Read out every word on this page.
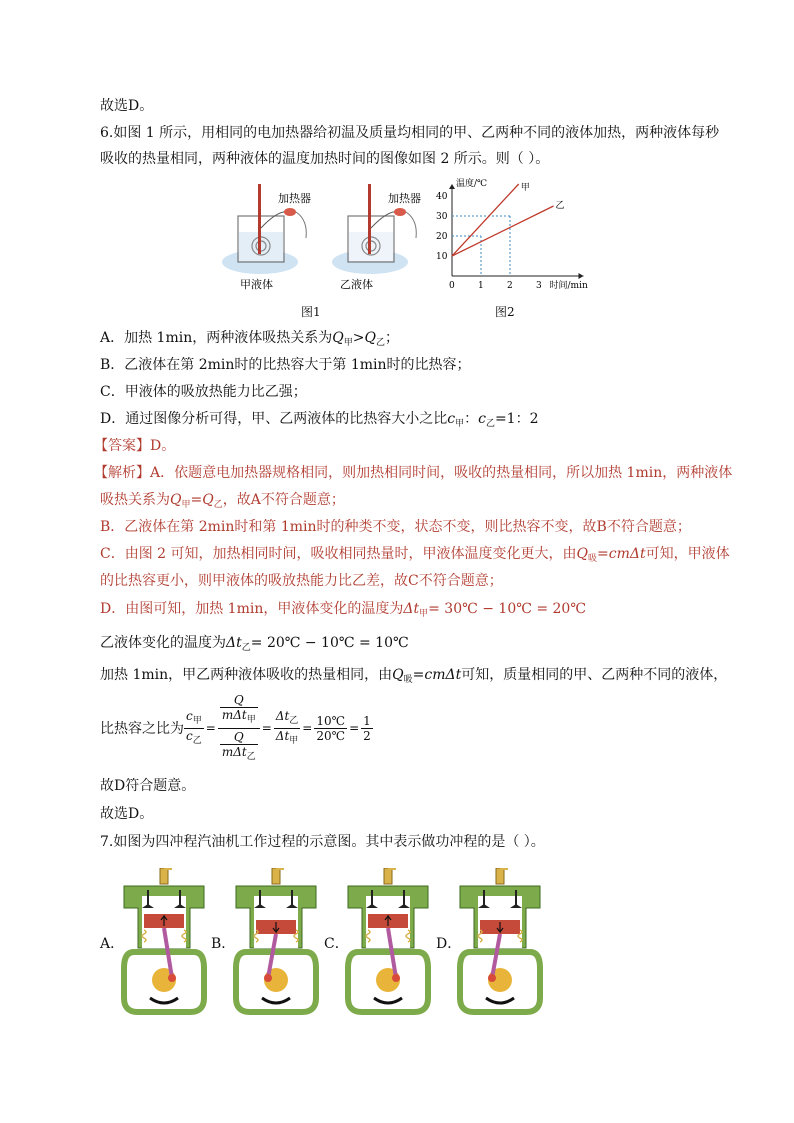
故选D。
6.如图 1 所示，用相同的电加热器给初温及质量均相同的甲、乙两种不同的液体加热，两种液体每秒
吸收的热量相同，两种液体的温度加热时间的图像如图 2 所示。则（ ）。
加热器
甲液体
加热器
乙液体
图1
0	1	2	3
10
20
30
40
温度/℃
时间/min
甲
乙
图2
A．加热 1min，两种液体吸热关系为$Q_甲>Q_乙$；
B．乙液体在第 2min时的比热容大于第 1min时的比热容；
C．甲液体的吸放热能力比乙强；
D．通过图像分析可得，甲、乙两液体的比热容大小之比$c_甲$：$c_乙=1$：2
【答案】D。
【解析】A．依题意电加热器规格相同，则加热相同时间，吸收的热量相同，所以加热 1min，两种液体
吸热关系为$Q_甲=Q_乙$，故A不符合题意；
B．乙液体在第 2min时和第 1min时的种类不变，状态不变，则比热容不变，故B不符合题意；
C．由图 2 可知，加热相同时间，吸收相同热量时，甲液体温度变化更大，由$Q_吸=cm\Delta t$可知，甲液体
的比热容更小，则甲液体的吸放热能力比乙差，故C不符合题意；
D．由图可知，加热 1min，甲液体变化的温度为$\Delta t_甲=$ 30℃ − 10℃ = 20℃
乙液体变化的温度为$\Delta t_乙=$ 20℃ − 10℃ = 10℃
加热 1min，甲乙两种液体吸收的热量相同，由$Q_吸=cm\Delta t$可知，质量相同的甲、乙两种不同的液体，
比热容之比为 $\frac{c_甲}{c_乙} = \frac{\frac{Q}{m\Delta t_甲}}{\frac{Q}{m\Delta t_乙}} = \frac{\Delta t_乙}{\Delta t_甲} = \frac{10℃}{20℃} = \frac{1}{2}$
故D符合题意。
故选D。
7.如图为四冲程汽油机工作过程的示意图。其中表示做功冲程的是（ ）。
A．	B．	C．	D．
